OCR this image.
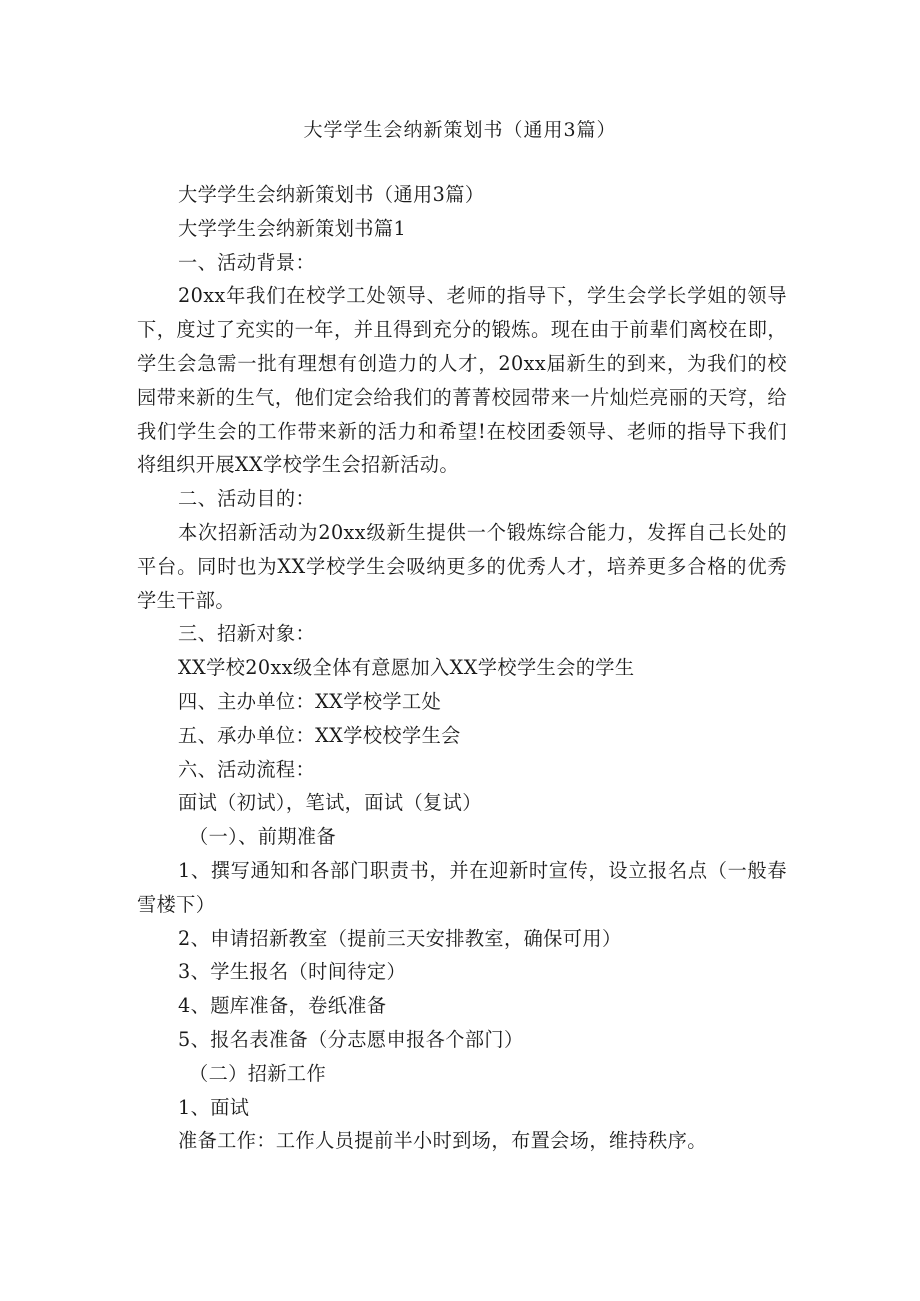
大学学生会纳新策划书（通用3篇）

大学学生会纳新策划书（通用3篇）

大学学生会纳新策划书篇1

一、活动背景：

20xx年我们在校学工处领导、老师的指导下，学生会学长学姐的领导下，度过了充实的一年，并且得到充分的锻炼。现在由于前辈们离校在即，学生会急需一批有理想有创造力的人才，20xx届新生的到来，为我们的校园带来新的生气，他们定会给我们的菁菁校园带来一片灿烂亮丽的天穹，给我们学生会的工作带来新的活力和希望!在校团委领导、老师的指导下我们将组织开展XX学校学生会招新活动。

二、活动目的：

本次招新活动为20xx级新生提供一个锻炼综合能力，发挥自己长处的平台。同时也为XX学校学生会吸纳更多的优秀人才，培养更多合格的优秀学生干部。

三、招新对象：

XX学校20xx级全体有意愿加入XX学校学生会的学生

四、主办单位：XX学校学工处

五、承办单位：XX学校校学生会

六、活动流程：

面试（初试），笔试，面试（复试）

（一）、前期准备

1、撰写通知和各部门职责书，并在迎新时宣传，设立报名点（一般春雪楼下）

2、申请招新教室（提前三天安排教室，确保可用）

3、学生报名（时间待定）

4、题库准备，卷纸准备

5、报名表准备（分志愿申报各个部门）

（二）招新工作

1、面试

准备工作：工作人员提前半小时到场，布置会场，维持秩序。
